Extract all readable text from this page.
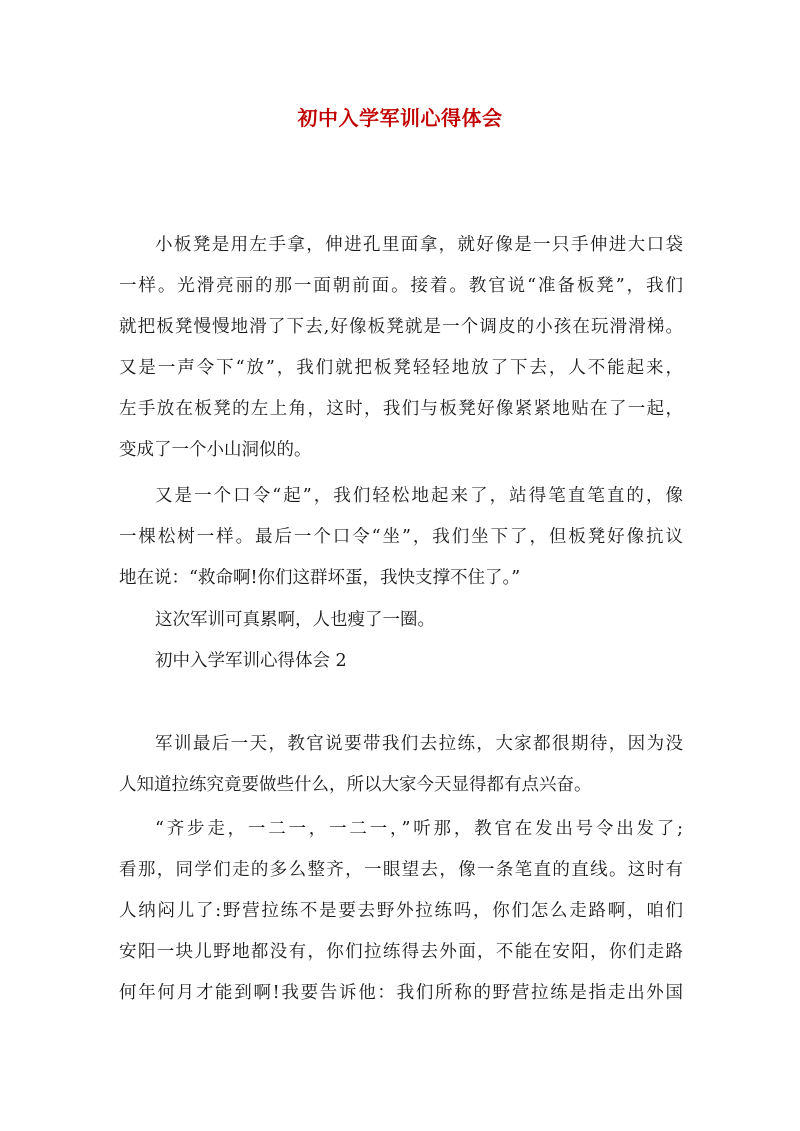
初中入学军训心得体会
小板凳是用左手拿，伸进孔里面拿，就好像是一只手伸进大口袋
一样。光滑亮丽的那一面朝前面。接着。教官说“准备板凳”，我们
就把板凳慢慢地滑了下去,好像板凳就是一个调皮的小孩在玩滑滑梯。
又是一声令下“放”，我们就把板凳轻轻地放了下去，人不能起来，
左手放在板凳的左上角，这时，我们与板凳好像紧紧地贴在了一起，
变成了一个小山洞似的。
又是一个口令“起”，我们轻松地起来了，站得笔直笔直的，像
一棵松树一样。最后一个口令“坐”，我们坐下了，但板凳好像抗议
地在说：“救命啊!你们这群坏蛋，我快支撑不住了。”
这次军训可真累啊，人也瘦了一圈。
初中入学军训心得体会 2
军训最后一天，教官说要带我们去拉练，大家都很期待，因为没
人知道拉练究竟要做些什么，所以大家今天显得都有点兴奋。
“齐步走，一二一，一二一，”听那，教官在发出号令出发了;
看那，同学们走的多么整齐，一眼望去，像一条笔直的直线。这时有
人纳闷儿了:野营拉练不是要去野外拉练吗，你们怎么走路啊，咱们
安阳一块儿野地都没有，你们拉练得去外面，不能在安阳，你们走路
何年何月才能到啊!我要告诉他：我们所称的野营拉练是指走出外国
